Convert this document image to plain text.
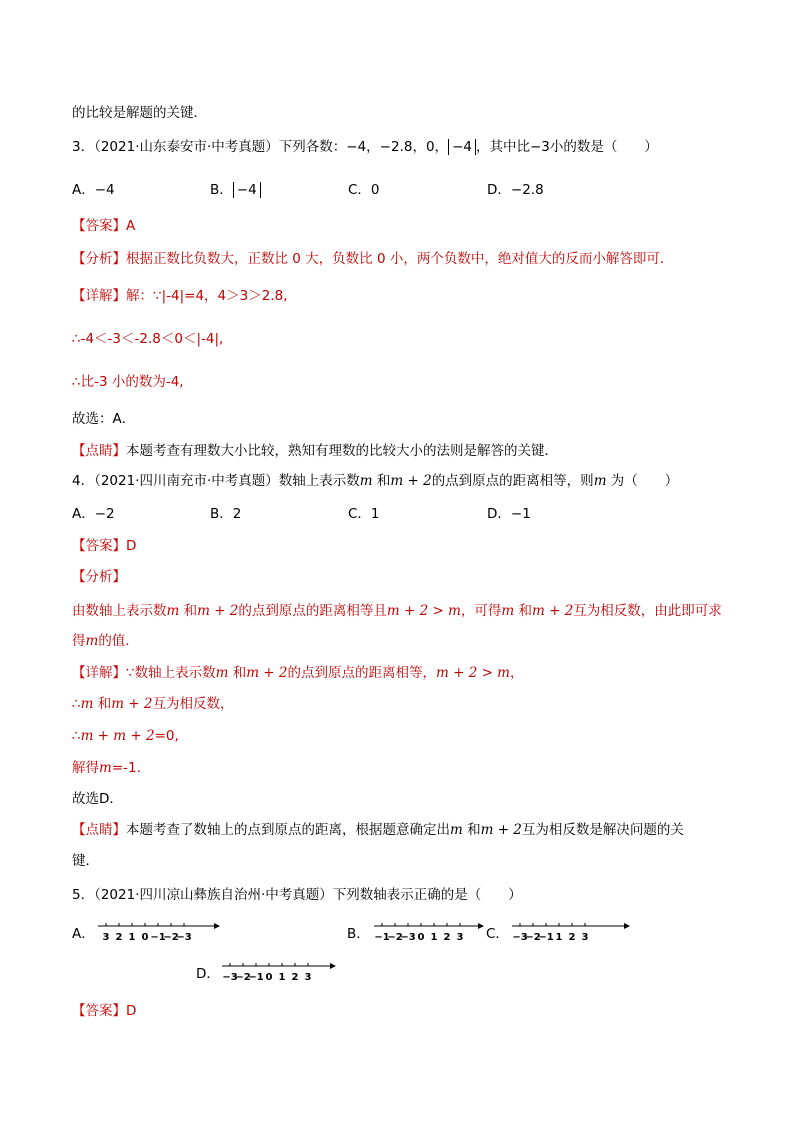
的比较是解题的关键．
3．（2021·山东泰安市·中考真题）下列各数：−4，−2.8，0， −4 ，其中比−3小的数是（　　）
A．−4	B． −4	C．0	D．−2.8
【答案】A
【分析】根据正数比负数大，正数比 0 大，负数比 0 小，两个负数中，绝对值大的反而小解答即可．
【详解】解：∵|-4|=4，4＞3＞2.8,
∴-4＜-3＜-2.8＜0＜|-4|,
∴比-3 小的数为-4,
故选：A．
【点睛】本题考查有理数大小比较，熟知有理数的比较大小的法则是解答的关键．
4．（2021·四川南充市·中考真题）数轴上表示数m 和m + 2的点到原点的距离相等，则m 为（　　）
A．−2	B．2	C．1	D．−1
【答案】D
【分析】
由数轴上表示数m 和m + 2的点到原点的距离相等且m + 2 > m，可得m 和m + 2互为相反数，由此即可求
得m的值．
【详解】∵数轴上表示数m 和m + 2的点到原点的距离相等，m + 2 > m，
∴m 和m + 2互为相反数，
∴m + m + 2=0,
解得m=-1.
故选D．
【点睛】本题考查了数轴上的点到原点的距离，根据题意确定出m 和m + 2互为相反数是解决问题的关
键．
5．（2021·四川凉山彝族自治州·中考真题）下列数轴表示正确的是（　　）
A． 3 2 1 0 −1
−2
−3	B． −1
−2
−3 0 1 2 3 C． −3
−2
−1 1 2 3
D． −3
−2
−1 0 1 2 3
【答案】D
